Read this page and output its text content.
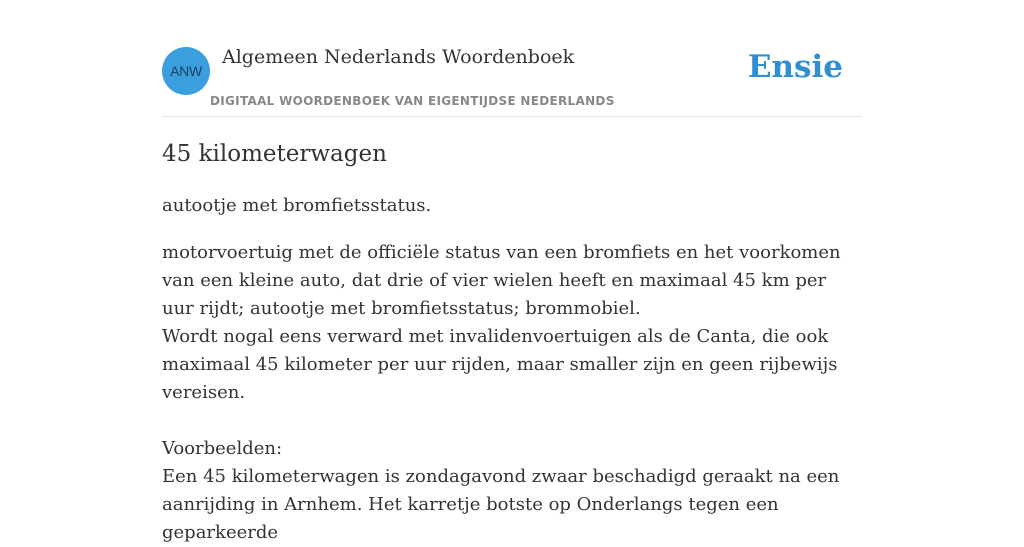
ANW
Algemeen Nederlands Woordenboek
DIGITAAL WOORDENBOEK VAN EIGENTIJDSE NEDERLANDS
Ensie
45 kilometerwagen

autootje met bromfietsstatus.

motorvoertuig met de officiële status van een bromfiets en het voorkomen van een kleine auto, dat drie of vier wielen heeft en maximaal 45 km per uur rijdt; autootje met bromfietsstatus; brommobiel.
Wordt nogal eens verward met invalidenvoertuigen als de Canta, die ook maximaal 45 kilometer per uur rijden, maar smaller zijn en geen rijbewijs vereisen.

Voorbeelden:

Een 45 kilometerwagen is zondagavond zwaar beschadigd geraakt na een aanrijding in Arnhem. Het karretje botste op Onderlangs tegen een geparkeerde
